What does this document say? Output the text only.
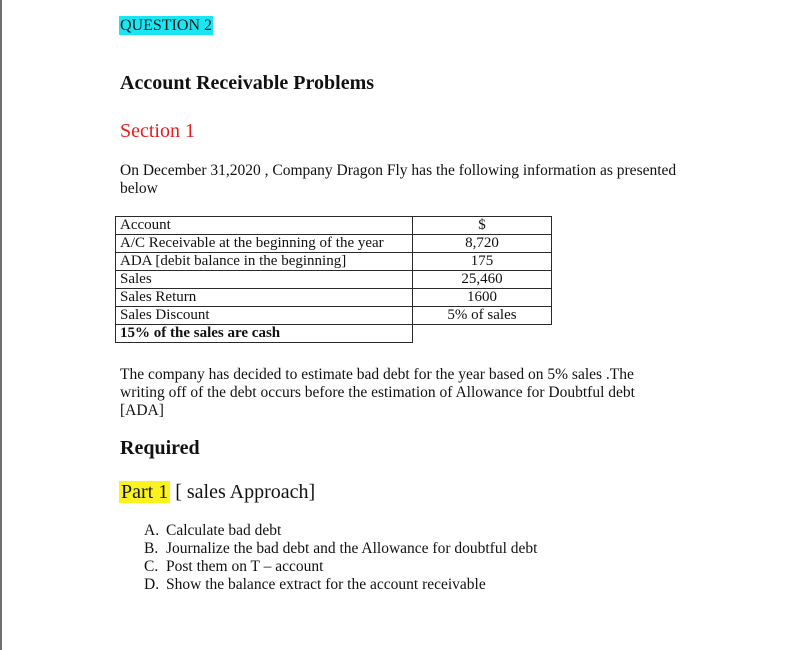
QUESTION 2
Account Receivable Problems
Section 1
On December 31,2020 , Company Dragon Fly has the following information as presented below
Account	$
A/C Receivable at the beginning of the year	8,720
ADA [debit balance in the beginning]	175
Sales	25,460
Sales Return	1600
Sales Discount	5% of sales
15% of the sales are cash	
The company has decided to estimate bad debt for the year based on 5% sales .The writing off of the debt occurs before the estimation of Allowance for Doubtful debt [ADA]
Required
Part 1 [ sales Approach]
A. Calculate bad debt
B. Journalize the bad debt and the Allowance for doubtful debt
C. Post them on T – account
D. Show the balance extract for the account receivable
